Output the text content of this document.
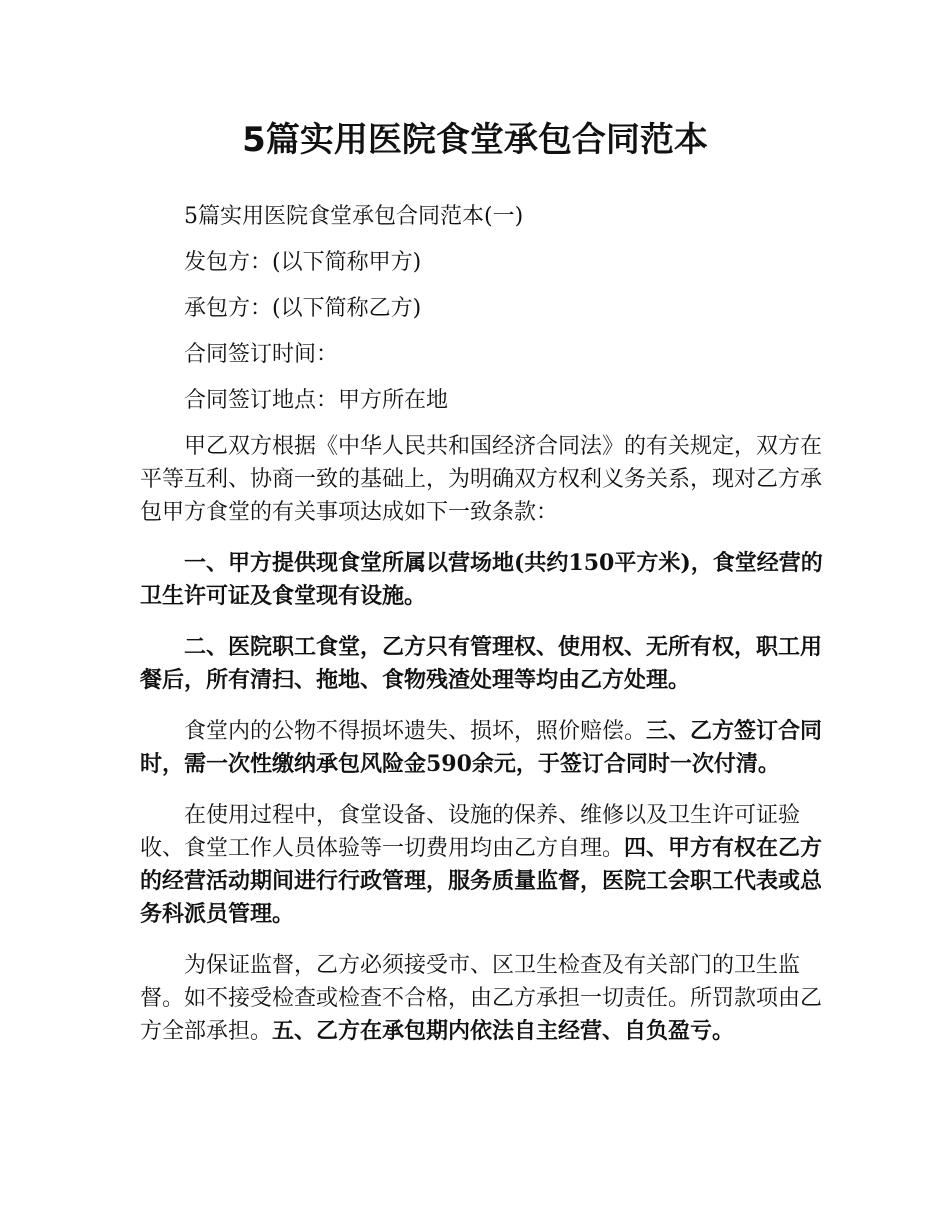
5篇实用医院食堂承包合同范本

5篇实用医院食堂承包合同范本(一)

发包方：(以下简称甲方)

承包方：(以下简称乙方)

合同签订时间：

合同签订地点：甲方所在地

甲乙双方根据《中华人民共和国经济合同法》的有关规定，双方在平等互利、协商一致的基础上，为明确双方权利义务关系，现对乙方承包甲方食堂的有关事项达成如下一致条款：

一、甲方提供现食堂所属以营场地(共约150平方米)，食堂经营的卫生许可证及食堂现有设施。

二、医院职工食堂，乙方只有管理权、使用权、无所有权，职工用餐后，所有清扫、拖地、食物残渣处理等均由乙方处理。

食堂内的公物不得损坏遗失、损坏，照价赔偿。三、乙方签订合同时，需一次性缴纳承包风险金590余元，于签订合同时一次付清。

在使用过程中，食堂设备、设施的保养、维修以及卫生许可证验收、食堂工作人员体验等一切费用均由乙方自理。四、甲方有权在乙方的经营活动期间进行行政管理，服务质量监督，医院工会职工代表或总务科派员管理。

为保证监督，乙方必须接受市、区卫生检查及有关部门的卫生监督。如不接受检查或检查不合格，由乙方承担一切责任。所罚款项由乙方全部承担。五、乙方在承包期内依法自主经营、自负盈亏。
